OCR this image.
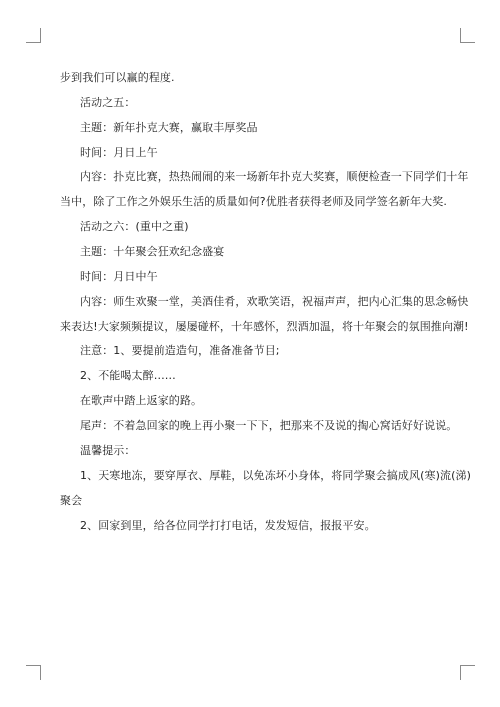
步到我们可以赢的程度.
活动之五：
主题：新年扑克大赛，赢取丰厚奖品
时间：月日上午
内容：扑克比赛，热热闹闹的来一场新年扑克大奖赛，顺便检查一下同学们十年
当中，除了工作之外娱乐生活的质量如何?优胜者获得老师及同学签名新年大奖.
活动之六：(重中之重)
主题：十年聚会狂欢纪念盛宴
时间：月日中午
内容：师生欢聚一堂，美酒佳肴，欢歌笑语，祝福声声，把内心汇集的思念畅快
来表达!大家频频提议，屡屡碰杯，十年感怀，烈酒加温，将十年聚会的氛围推向潮!
注意：1、要提前造造句，准备准备节目;
2、不能喝太醉……
在歌声中踏上返家的路。
尾声：不着急回家的晚上再小聚一下下，把那来不及说的掏心窝话好好说说。
温馨提示：
1、天寒地冻，要穿厚衣、厚鞋，以免冻坏小身体，将同学聚会搞成风(寒)流(涕)
聚会
2、回家到里，给各位同学打打电话，发发短信，报报平安。
